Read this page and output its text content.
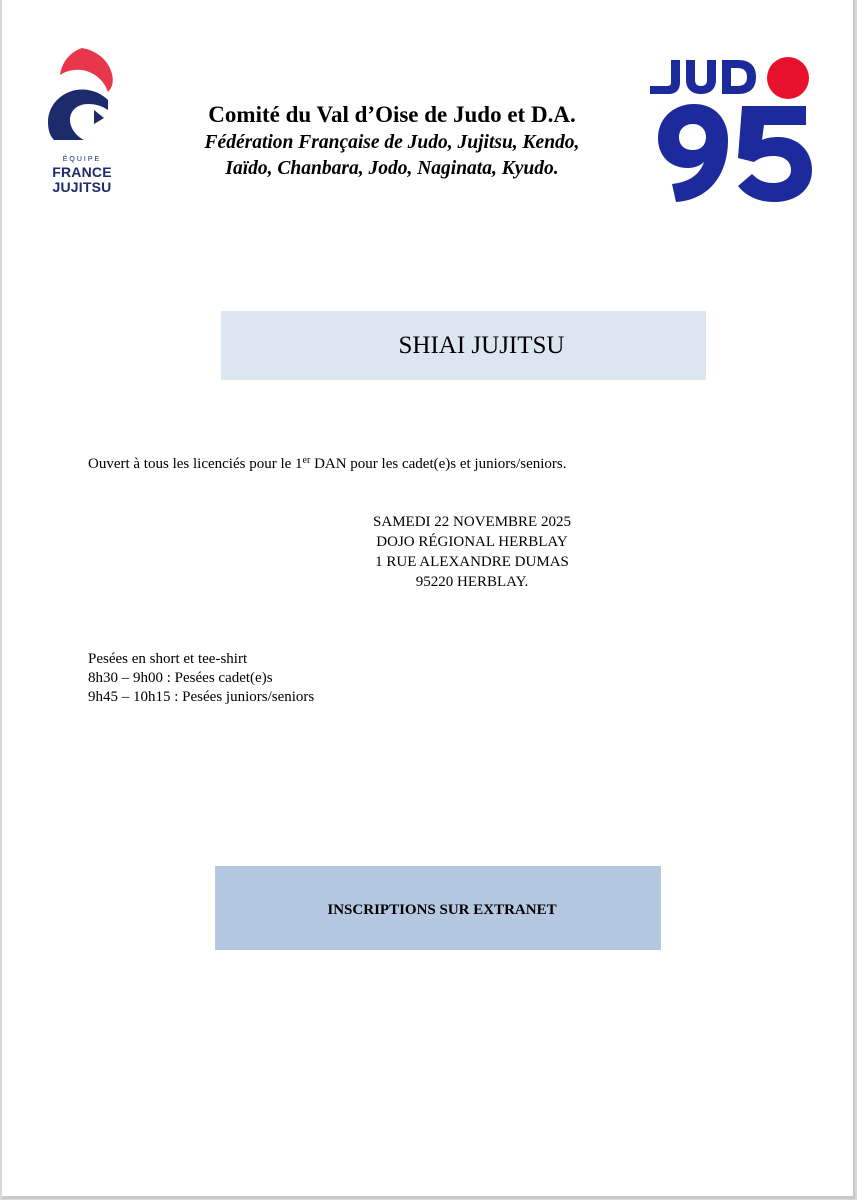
ÉQUIPE
FRANCE
JUJITSU
Comité du Val d’Oise de Judo et D.A.
Fédération Française de Judo, Jujitsu, Kendo,
Iaïdo, Chanbara, Jodo, Naginata, Kyudo.
SHIAI JUJITSU
Ouvert à tous les licenciés pour le 1er DAN pour les cadet(e)s et juniors/seniors.
SAMEDI 22 NOVEMBRE 2025
DOJO RÉGIONAL HERBLAY
1 RUE ALEXANDRE DUMAS
95220 HERBLAY.
Pesées en short et tee-shirt
8h30 – 9h00 : Pesées cadet(e)s
9h45 – 10h15 : Pesées juniors/seniors
INSCRIPTIONS SUR EXTRANET
